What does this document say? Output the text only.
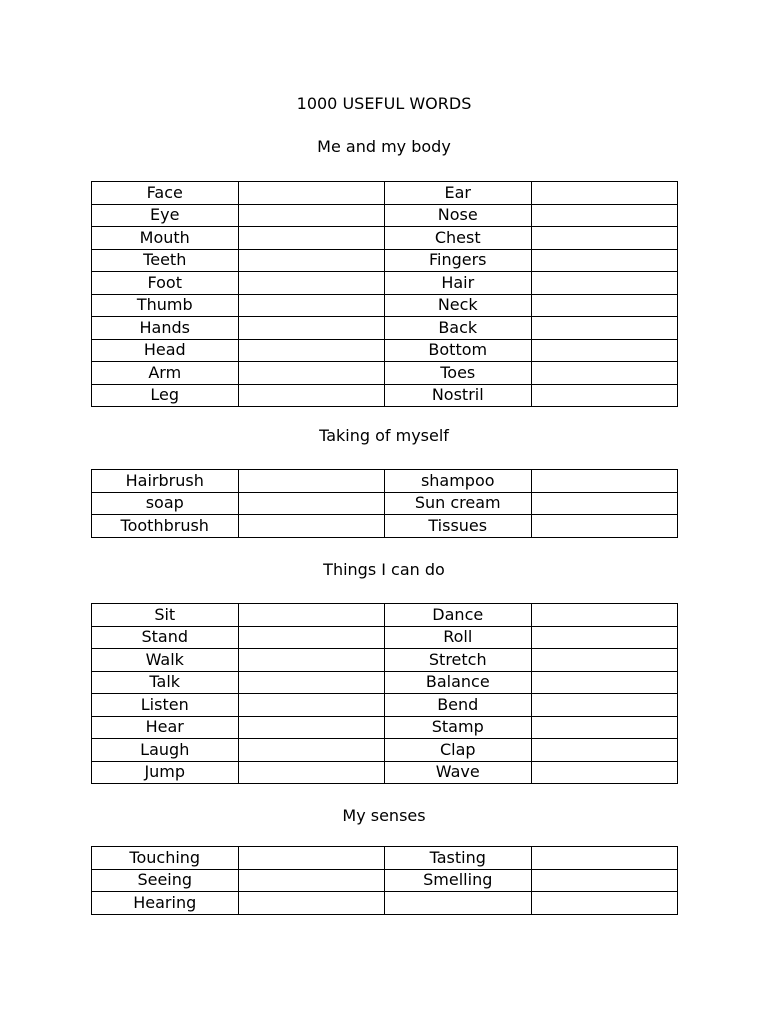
1000 USEFUL WORDS
Me and my body
Face		Ear	
Eye		Nose	
Mouth		Chest	
Teeth		Fingers	
Foot		Hair	
Thumb		Neck	
Hands		Back	
Head		Bottom	
Arm		Toes	
Leg		Nostril	
Taking of myself
Hairbrush		shampoo	
soap		Sun cream	
Toothbrush		Tissues	
Things I can do
Sit		Dance	
Stand		Roll	
Walk		Stretch	
Talk		Balance	
Listen		Bend	
Hear		Stamp	
Laugh		Clap	
Jump		Wave	
My senses
Touching		Tasting	
Seeing		Smelling	
Hearing			
